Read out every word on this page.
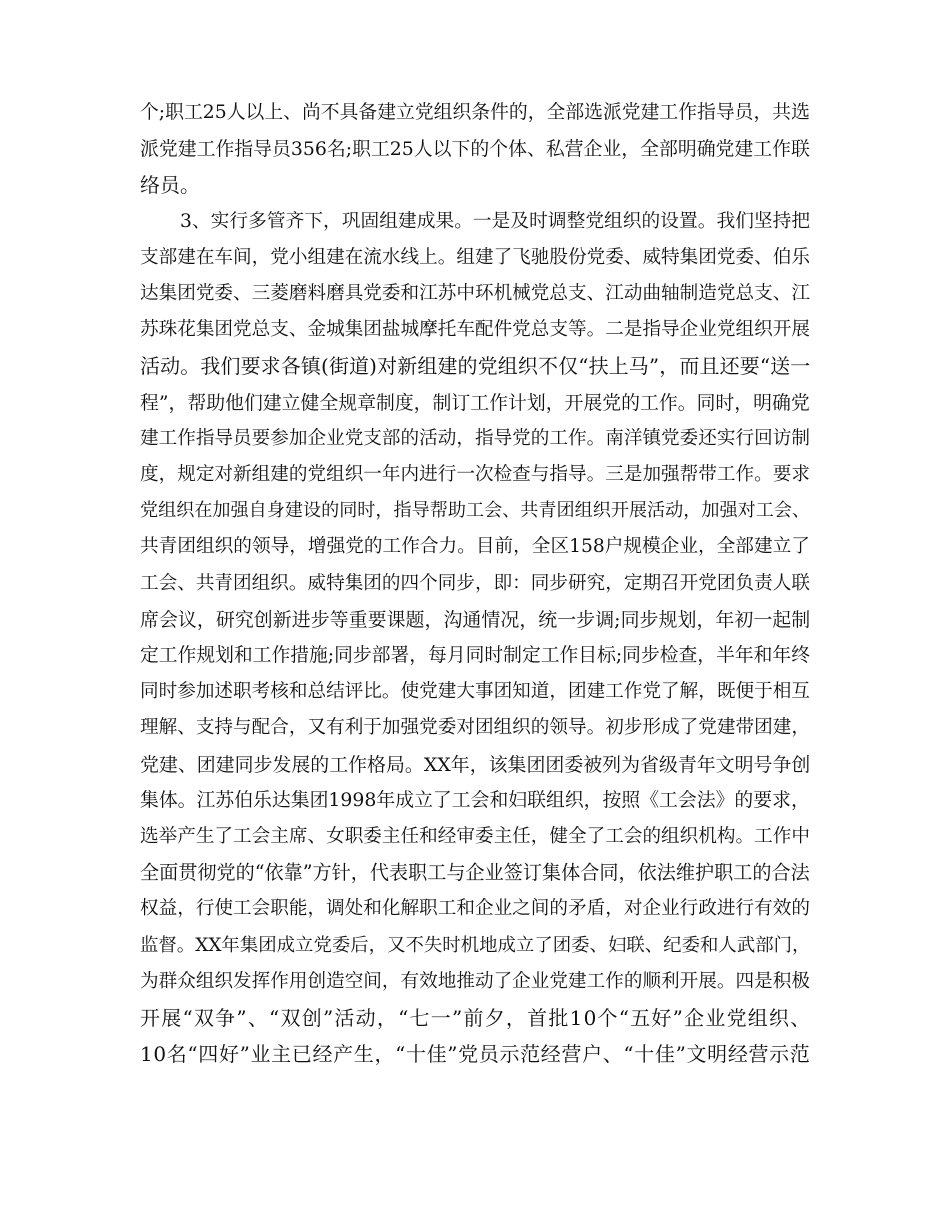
个;职工25人以上、尚不具备建立党组织条件的，全部选派党建工作指导员，共选
派党建工作指导员356名;职工25人以下的个体、私营企业，全部明确党建工作联
络员。
3、实行多管齐下，巩固组建成果。一是及时调整党组织的设置。我们坚持把
支部建在车间，党小组建在流水线上。组建了飞驰股份党委、威特集团党委、伯乐
达集团党委、三菱磨料磨具党委和江苏中环机械党总支、江动曲轴制造党总支、江
苏珠花集团党总支、金城集团盐城摩托车配件党总支等。二是指导企业党组织开展
活动。我们要求各镇(街道)对新组建的党组织不仅“扶上马”，而且还要“送一
程”，帮助他们建立健全规章制度，制订工作计划，开展党的工作。同时，明确党
建工作指导员要参加企业党支部的活动，指导党的工作。南洋镇党委还实行回访制
度，规定对新组建的党组织一年内进行一次检查与指导。三是加强帮带工作。要求
党组织在加强自身建设的同时，指导帮助工会、共青团组织开展活动，加强对工会、
共青团组织的领导，增强党的工作合力。目前，全区158户规模企业，全部建立了
工会、共青团组织。威特集团的四个同步，即：同步研究，定期召开党团负责人联
席会议，研究创新进步等重要课题，沟通情况，统一步调;同步规划，年初一起制
定工作规划和工作措施;同步部署，每月同时制定工作目标;同步检查，半年和年终
同时参加述职考核和总结评比。使党建大事团知道，团建工作党了解，既便于相互
理解、支持与配合，又有利于加强党委对团组织的领导。初步形成了党建带团建，
党建、团建同步发展的工作格局。XX年，该集团团委被列为省级青年文明号争创
集体。江苏伯乐达集团1998年成立了工会和妇联组织，按照《工会法》的要求，
选举产生了工会主席、女职委主任和经审委主任，健全了工会的组织机构。工作中
全面贯彻党的“依靠”方针，代表职工与企业签订集体合同，依法维护职工的合法
权益，行使工会职能，调处和化解职工和企业之间的矛盾，对企业行政进行有效的
监督。XX年集团成立党委后，又不失时机地成立了团委、妇联、纪委和人武部门，
为群众组织发挥作用创造空间，有效地推动了企业党建工作的顺利开展。四是积极
开展“双争”、“双创”活动，“七一”前夕，首批10个“五好”企业党组织、
10名“四好”业主已经产生，“十佳”党员示范经营户、“十佳”文明经营示范
